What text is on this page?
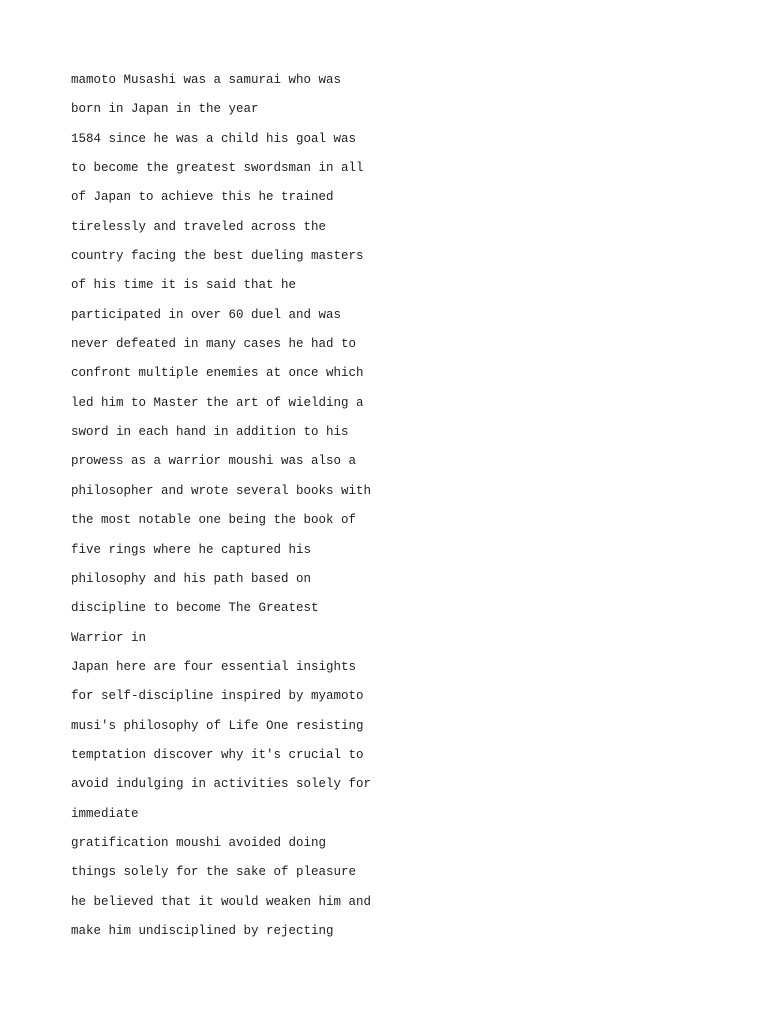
mamoto Musashi was a samurai who was
born in Japan in the year
1584 since he was a child his goal was
to become the greatest swordsman in all
of Japan to achieve this he trained
tirelessly and traveled across the
country facing the best dueling masters
of his time it is said that he
participated in over 60 duel and was
never defeated in many cases he had to
confront multiple enemies at once which
led him to Master the art of wielding a
sword in each hand in addition to his
prowess as a warrior moushi was also a
philosopher and wrote several books with
the most notable one being the book of
five rings where he captured his
philosophy and his path based on
discipline to become The Greatest
Warrior in
Japan here are four essential insights
for self-discipline inspired by myamoto
musi's philosophy of Life One resisting
temptation discover why it's crucial to
avoid indulging in activities solely for
immediate
gratification moushi avoided doing
things solely for the sake of pleasure
he believed that it would weaken him and
make him undisciplined by rejecting
